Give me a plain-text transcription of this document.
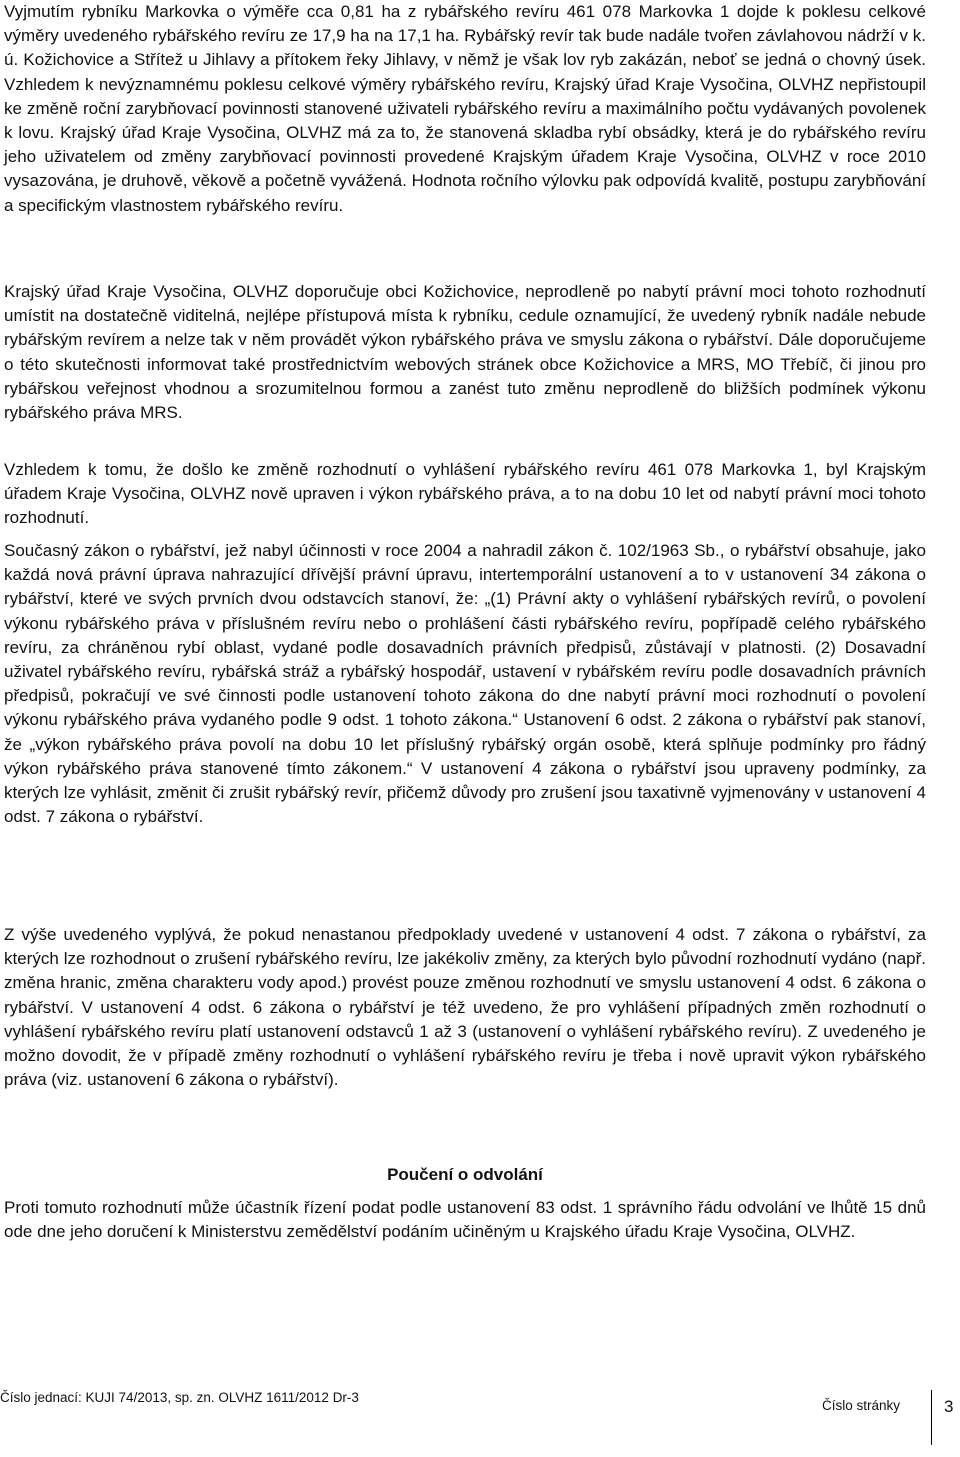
Vyjmutím rybníku Markovka o výměře cca 0,81 ha z rybářského revíru 461 078 Markovka 1 dojde k poklesu celkové výměry uvedeného rybářského revíru ze 17,9 ha na 17,1 ha. Rybářský revír tak bude nadále tvořen závlahovou nádrží v k. ú. Kožichovice a Střítež u Jihlavy a přítokem řeky Jihlavy, v němž je však lov ryb zakázán, neboť se jedná o chovný úsek. Vzhledem k nevýznamnému poklesu celkové výměry rybářského revíru, Krajský úřad Kraje Vysočina, OLVHZ nepřistoupil ke změně roční zarybňovací povinnosti stanovené uživateli rybářského revíru a maximálního počtu vydávaných povolenek k lovu. Krajský úřad Kraje Vysočina, OLVHZ má za to, že stanovená skladba rybí obsádky, která je do rybářského revíru jeho uživatelem od změny zarybňovací povinnosti provedené Krajským úřadem Kraje Vysočina, OLVHZ v roce 2010 vysazována, je druhově, věkově a početně vyvážená. Hodnota ročního výlovku pak odpovídá kvalitě, postupu zarybňování a specifickým vlastnostem rybářského revíru.

Krajský úřad Kraje Vysočina, OLVHZ doporučuje obci Kožichovice, neprodleně po nabytí právní moci tohoto rozhodnutí umístit na dostatečně viditelná, nejlépe přístupová místa k rybníku, cedule oznamující, že uvedený rybník nadále nebude rybářským revírem a nelze tak v něm provádět výkon rybářského práva ve smyslu zákona o rybářství. Dále doporučujeme o této skutečnosti informovat také prostřednictvím webových stránek obce Kožichovice a MRS, MO Třebíč, či jinou pro rybářskou veřejnost vhodnou a srozumitelnou formou a zanést tuto změnu neprodleně do bližších podmínek výkonu rybářského práva MRS.

Vzhledem k tomu, že došlo ke změně rozhodnutí o vyhlášení rybářského revíru 461 078 Markovka 1, byl Krajským úřadem Kraje Vysočina, OLVHZ nově upraven i výkon rybářského práva, a to na dobu 10 let od nabytí právní moci tohoto rozhodnutí.

Současný zákon o rybářství, jež nabyl účinnosti v roce 2004 a nahradil zákon č. 102/1963 Sb., o rybářství obsahuje, jako každá nová právní úprava nahrazující dřívější právní úpravu, intertemporální ustanovení a to v ustanovení 34 zákona o rybářství, které ve svých prvních dvou odstavcích stanoví, že: „(1) Právní akty o vyhlášení rybářských revírů, o povolení výkonu rybářského práva v příslušném revíru nebo o prohlášení části rybářského revíru, popřípadě celého rybářského revíru, za chráněnou rybí oblast, vydané podle dosavadních právních předpisů, zůstávají v platnosti. (2) Dosavadní uživatel rybářského revíru, rybářská stráž a rybářský hospodář, ustavení v rybářském revíru podle dosavadních právních předpisů, pokračují ve své činnosti podle ustanovení tohoto zákona do dne nabytí právní moci rozhodnutí o povolení výkonu rybářského práva vydaného podle 9 odst. 1 tohoto zákona.“ Ustanovení 6 odst. 2 zákona o rybářství pak stanoví, že „výkon rybářského práva povolí na dobu 10 let příslušný rybářský orgán osobě, která splňuje podmínky pro řádný výkon rybářského práva stanovené tímto zákonem.“ V ustanovení 4 zákona o rybářství jsou upraveny podmínky, za kterých lze vyhlásit, změnit či zrušit rybářský revír, přičemž důvody pro zrušení jsou taxativně vyjmenovány v ustanovení 4 odst. 7 zákona o rybářství.

Z výše uvedeného vyplývá, že pokud nenastanou předpoklady uvedené v ustanovení 4 odst. 7 zákona o rybářství, za kterých lze rozhodnout o zrušení rybářského revíru, lze jakékoliv změny, za kterých bylo původní rozhodnutí vydáno (např. změna hranic, změna charakteru vody apod.) provést pouze změnou rozhodnutí ve smyslu ustanovení 4 odst. 6 zákona o rybářství. V ustanovení 4 odst. 6 zákona o rybářství je též uvedeno, že pro vyhlášení případných změn rozhodnutí o vyhlášení rybářského revíru platí ustanovení odstavců 1 až 3 (ustanovení o vyhlášení rybářského revíru). Z uvedeného je možno dovodit, že v případě změny rozhodnutí o vyhlášení rybářského revíru je třeba i nově upravit výkon rybářského práva (viz. ustanovení 6 zákona o rybářství).

Poučení o odvolání

Proti tomuto rozhodnutí může účastník řízení podat podle ustanovení 83 odst. 1 správního řádu odvolání ve lhůtě 15 dnů ode dne jeho doručení k Ministerstvu zemědělství podáním učiněným u Krajského úřadu Kraje Vysočina, OLVHZ.

Číslo jednací: KUJI 74/2013, sp. zn. OLVHZ 1611/2012 Dr-3
Číslo stránky	3
